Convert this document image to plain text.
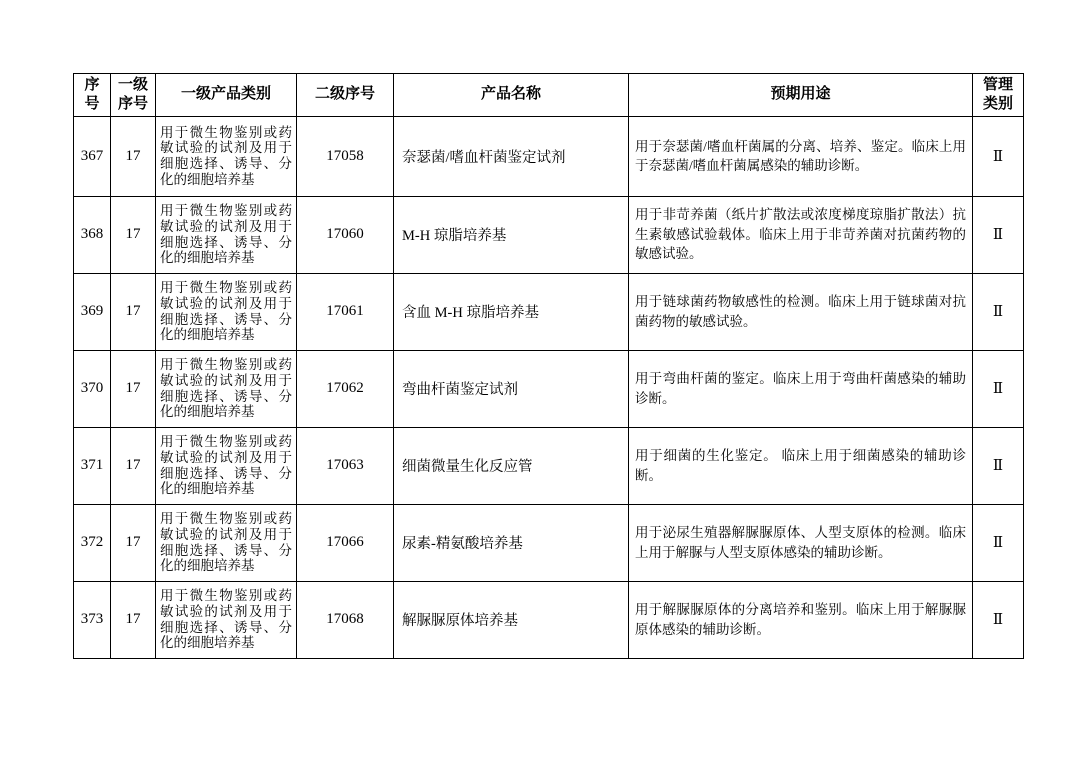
序号	一级序号	一级产品类别	二级序号	产品名称	预期用途	管理类别
367	17	用于微生物鉴别或药敏试验的试剂及用于细胞选择、诱导、分化的细胞培养基	17058	奈瑟菌/嗜血杆菌鉴定试剂	用于奈瑟菌/嗜血杆菌属的分离、培养、鉴定。临床上用于奈瑟菌/嗜血杆菌属感染的辅助诊断。	Ⅱ
368	17	用于微生物鉴别或药敏试验的试剂及用于细胞选择、诱导、分化的细胞培养基	17060	M-H 琼脂培养基	用于非苛养菌（纸片扩散法或浓度梯度琼脂扩散法）抗生素敏感试验载体。临床上用于非苛养菌对抗菌药物的敏感试验。	Ⅱ
369	17	用于微生物鉴别或药敏试验的试剂及用于细胞选择、诱导、分化的细胞培养基	17061	含血 M-H 琼脂培养基	用于链球菌药物敏感性的检测。临床上用于链球菌对抗菌药物的敏感试验。	Ⅱ
370	17	用于微生物鉴别或药敏试验的试剂及用于细胞选择、诱导、分化的细胞培养基	17062	弯曲杆菌鉴定试剂	用于弯曲杆菌的鉴定。临床上用于弯曲杆菌感染的辅助诊断。	Ⅱ
371	17	用于微生物鉴别或药敏试验的试剂及用于细胞选择、诱导、分化的细胞培养基	17063	细菌微量生化反应管	用于细菌的生化鉴定。 临床上用于细菌感染的辅助诊断。	Ⅱ
372	17	用于微生物鉴别或药敏试验的试剂及用于细胞选择、诱导、分化的细胞培养基	17066	尿素-精氨酸培养基	用于泌尿生殖器解脲脲原体、人型支原体的检测。临床上用于解脲与人型支原体感染的辅助诊断。	Ⅱ
373	17	用于微生物鉴别或药敏试验的试剂及用于细胞选择、诱导、分化的细胞培养基	17068	解脲脲原体培养基	用于解脲脲原体的分离培养和鉴别。临床上用于解脲脲原体感染的辅助诊断。	Ⅱ
